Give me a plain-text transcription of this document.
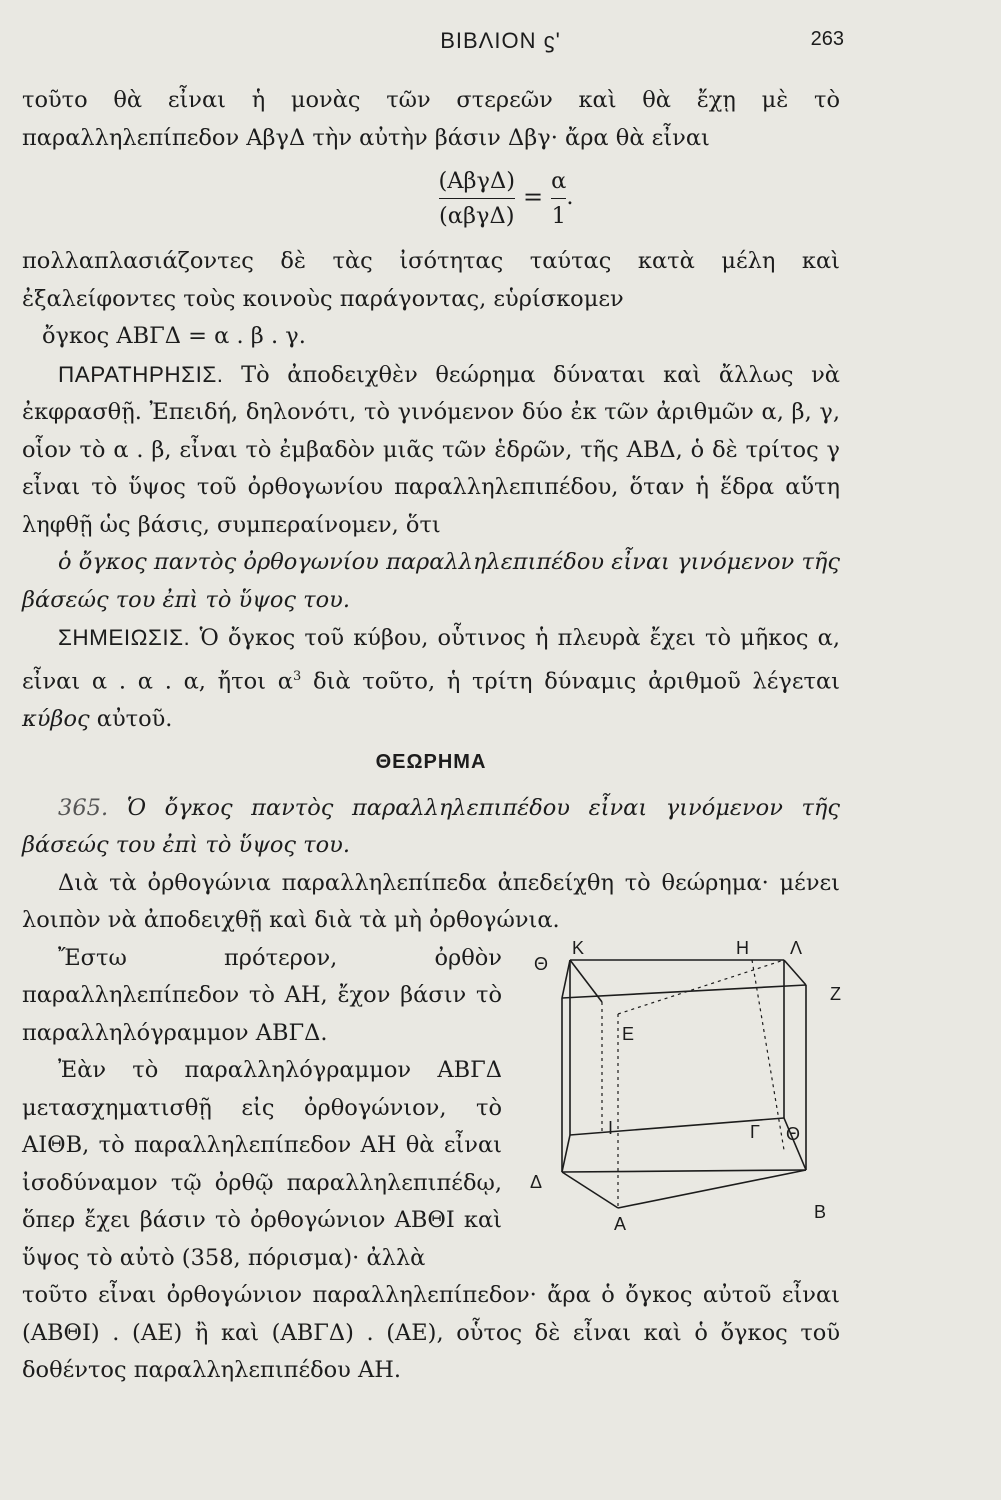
ΒΙΒΛΙΟΝ ϛ'	263

τοῦτο θὰ εἶναι ἡ μονὰς τῶν στερεῶν καὶ θὰ ἔχῃ μὲ τὸ παραλληλεπίπεδον ΑβγΔ τὴν αὐτὴν βάσιν Δβγ· ἄρα θὰ εἶναι

$\frac{\text{(ΑβγΔ)}}{\text{(αβγΔ)}} = \frac{\alpha}{1}$ .

πολλαπλασιάζοντες δὲ τὰς ἰσότητας ταύτας κατὰ μέλη καὶ ἐξαλείφοντες τοὺς κοινοὺς παράγοντας, εὑρίσκομεν

ὄγκος ΑΒΓΔ = α . β . γ.

ΠΑΡΑΤΗΡΗΣΙΣ. Τὸ ἀποδειχθὲν θεώρημα δύναται καὶ ἄλλως νὰ ἐκφρασθῇ. Ἐπειδή, δηλονότι, τὸ γινόμενον δύο ἐκ τῶν ἀριθμῶν α, β, γ, οἷον τὸ α . β, εἶναι τὸ ἐμβαδὸν μιᾶς τῶν ἑδρῶν, τῆς ΑΒΔ, ὁ δὲ τρίτος γ εἶναι τὸ ὕψος τοῦ ὀρθογωνίου παραλληλεπιπέδου, ὅταν ἡ ἕδρα αὕτη ληφθῇ ὡς βάσις, συμπεραίνομεν, ὅτι

ὁ ὄγκος παντὸς ὀρθογωνίου παραλληλεπιπέδου εἶναι γινόμενον τῆς βάσεώς του ἐπὶ τὸ ὕψος του.

ΣΗΜΕΙΩΣΙΣ. Ὁ ὄγκος τοῦ κύβου, οὗτινος ἡ πλευρὰ ἔχει τὸ μῆκος α, εἶναι α . α . α, ἤτοι $\alpha^3$ διὰ τοῦτο, ἡ τρίτη δύναμις ἀριθμοῦ λέγεται κύβος αὐτοῦ.

ΘΕΩΡΗΜΑ

365. Ὁ ὄγκος παντὸς παραλληλεπιπέδου εἶναι γινόμενον τῆς βάσεώς του ἐπὶ τὸ ὕψος του.

Διὰ τὰ ὀρθογώνια παραλληλεπίπεδα ἀπεδείχθη τὸ θεώρημα· μένει λοιπὸν νὰ ἀποδειχθῇ καὶ διὰ τὰ μὴ ὀρθογώνια.

Ἔστω πρότερον, ὀρθὸν παραλληλεπίπεδον τὸ ΑΗ, ἔχον βάσιν τὸ παραλληλόγραμμον ΑΒΓΔ.

Ἐὰν τὸ παραλληλόγραμμον ΑΒΓΔ μετασχηματισθῇ εἰς ὀρθογώνιον, τὸ ΑΙΘΒ, τὸ παραλληλεπίπεδον ΑΗ θὰ εἶναι ἰσοδύναμον τῷ ὀρθῷ παραλληλεπιπέδῳ, ὅπερ ἔχει βάσιν τὸ ὀρθογώνιον ΑΒΘΙ καὶ ὕψος τὸ αὐτὸ (358, πόρισμα)· ἀλλὰ

Κ	Η Λ
Θ
Z
Ε
Ι	Γ Θ
Δ
Α
B

τοῦτο εἶναι ὀρθογώνιον παραλληλεπίπεδον· ἄρα ὁ ὄγκος αὐτοῦ εἶναι (ΑΒΘΙ) . (ΑΕ) ἢ καὶ (ΑΒΓΔ) . (ΑΕ), οὗτος δὲ εἶναι καὶ ὁ ὄγκος τοῦ δοθέντος παραλληλεπιπέδου ΑΗ.
